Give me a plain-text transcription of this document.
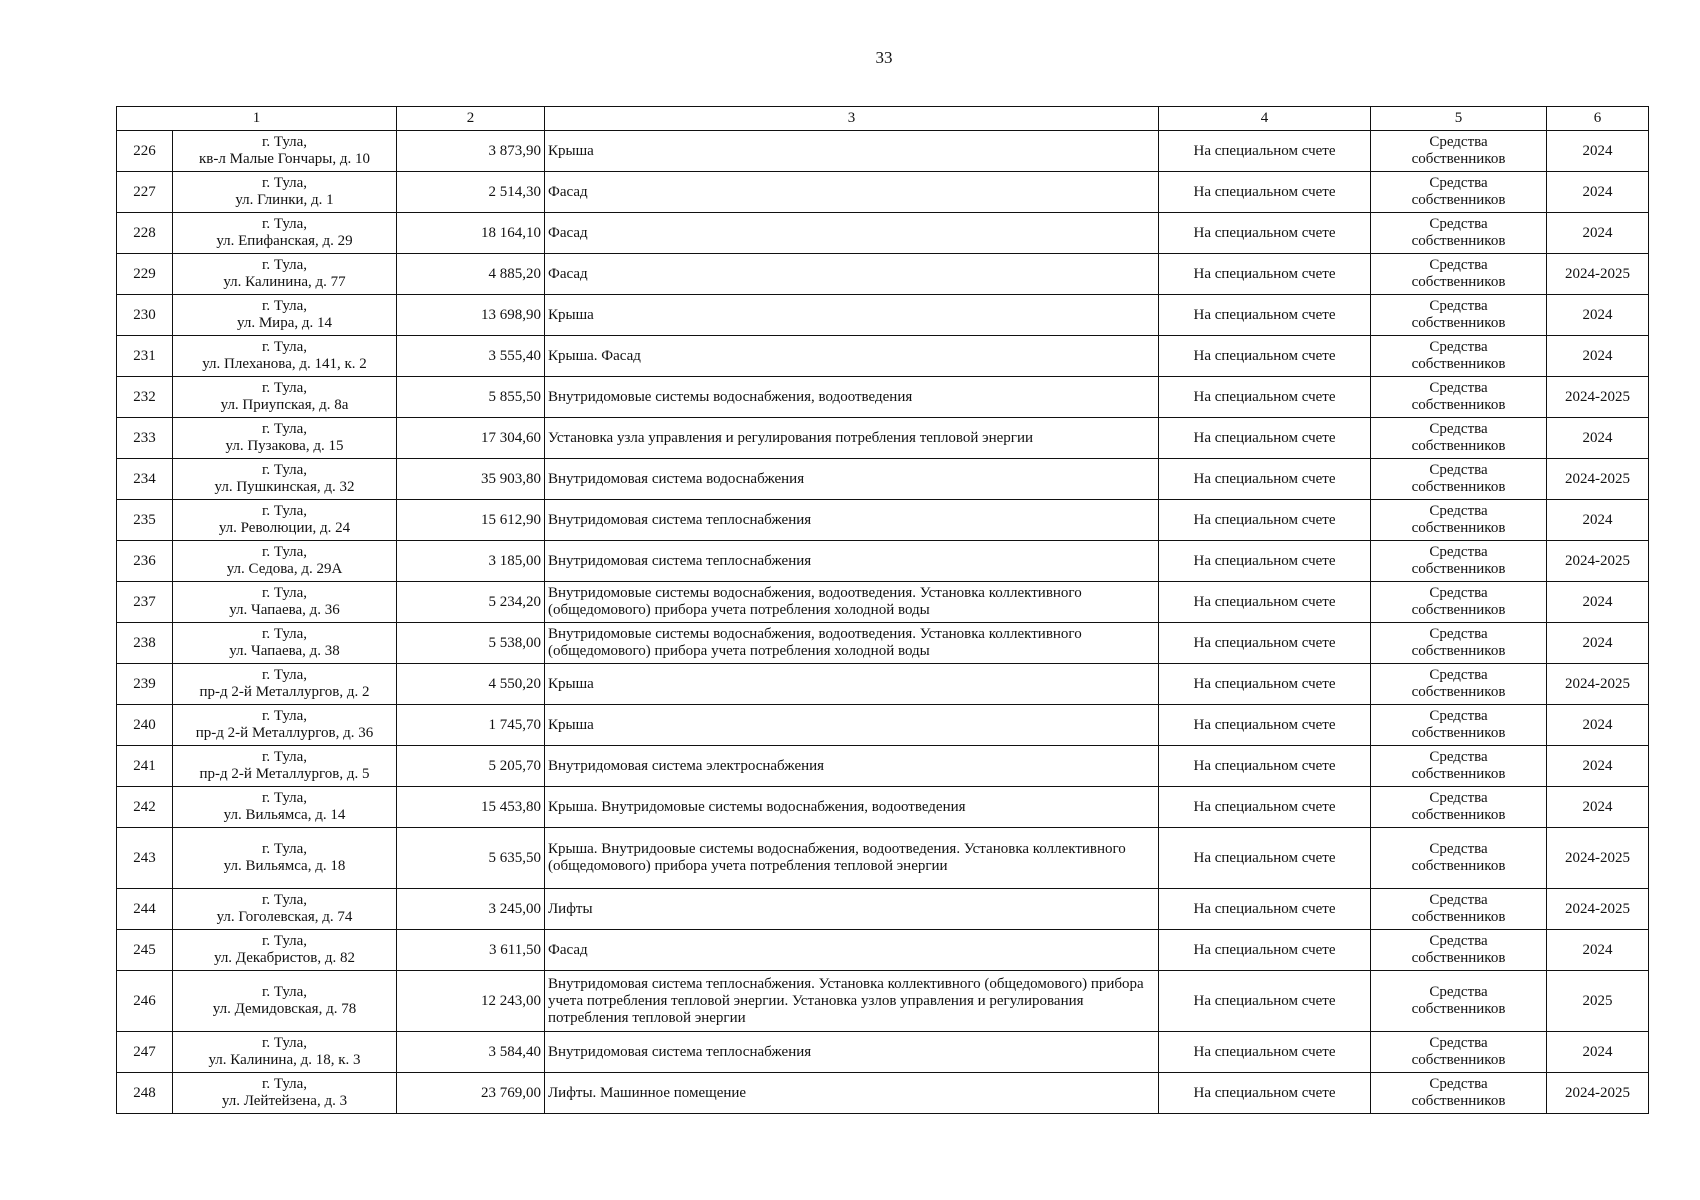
33
1		2	3	4	5	6
226	г. Тула,
кв-л Малые Гончары, д. 10	3 873,90	Крыша	На специальном счете	Средства
собственников	2024
227	г. Тула,
ул. Глинки, д. 1	2 514,30	Фасад	На специальном счете	Средства
собственников	2024
228	г. Тула,
ул. Епифанская, д. 29	18 164,10	Фасад	На специальном счете	Средства
собственников	2024
229	г. Тула,
ул. Калинина, д. 77	4 885,20	Фасад	На специальном счете	Средства
собственников	2024-2025
230	г. Тула,
ул. Мира, д. 14	13 698,90	Крыша	На специальном счете	Средства
собственников	2024
231	г. Тула,
ул. Плеханова, д. 141, к. 2	3 555,40	Крыша. Фасад	На специальном счете	Средства
собственников	2024
232	г. Тула,
ул. Приупская, д. 8а	5 855,50	Внутридомовые системы водоснабжения, водоотведения	На специальном счете	Средства
собственников	2024-2025
233	г. Тула,
ул. Пузакова, д. 15	17 304,60	Установка узла управления и регулирования потребления тепловой энергии	На специальном счете	Средства
собственников	2024
234	г. Тула,
ул. Пушкинская, д. 32	35 903,80	Внутридомовая система водоснабжения	На специальном счете	Средства
собственников	2024-2025
235	г. Тула,
ул. Революции, д. 24	15 612,90	Внутридомовая система теплоснабжения	На специальном счете	Средства
собственников	2024
236	г. Тула,
ул. Седова, д. 29А	3 185,00	Внутридомовая система теплоснабжения	На специальном счете	Средства
собственников	2024-2025
237	г. Тула,
ул. Чапаева, д. 36	5 234,20	Внутридомовые системы водоснабжения, водоотведения. Установка коллективного (общедомового) прибора учета потребления холодной воды	На специальном счете	Средства
собственников	2024
238	г. Тула,
ул. Чапаева, д. 38	5 538,00	Внутридомовые системы водоснабжения, водоотведения. Установка коллективного (общедомового) прибора учета потребления холодной воды	На специальном счете	Средства
собственников	2024
239	г. Тула,
пр-д 2-й Металлургов, д. 2	4 550,20	Крыша	На специальном счете	Средства
собственников	2024-2025
240	г. Тула,
пр-д 2-й Металлургов, д. 36	1 745,70	Крыша	На специальном счете	Средства
собственников	2024
241	г. Тула,
пр-д 2-й Металлургов, д. 5	5 205,70	Внутридомовая система электроснабжения	На специальном счете	Средства
собственников	2024
242	г. Тула,
ул. Вильямса, д. 14	15 453,80	Крыша. Внутридомовые системы водоснабжения, водоотведения	На специальном счете	Средства
собственников	2024
243	г. Тула,
ул. Вильямса, д. 18	5 635,50	Крыша. Внутридоовые системы водоснабжения, водоотведения. Установка коллективного (общедомового) прибора учета потребления тепловой энергии	На специальном счете	Средства
собственников	2024-2025
244	г. Тула,
ул. Гоголевская, д. 74	3 245,00	Лифты	На специальном счете	Средства
собственников	2024-2025
245	г. Тула,
ул. Декабристов, д. 82	3 611,50	Фасад	На специальном счете	Средства
собственников	2024
246	г. Тула,
ул. Демидовская, д. 78	12 243,00	Внутридомовая система теплоснабжения. Установка коллективного (общедомового) прибора учета потребления тепловой энергии. Установка узлов управления и регулирования потребления тепловой энергии	На специальном счете	Средства
собственников	2025
247	г. Тула,
ул. Калинина, д. 18, к. 3	3 584,40	Внутридомовая система теплоснабжения	На специальном счете	Средства
собственников	2024
248	г. Тула,
ул. Лейтейзена, д. 3	23 769,00	Лифты. Машинное помещение	На специальном счете	Средства
собственников	2024-2025
